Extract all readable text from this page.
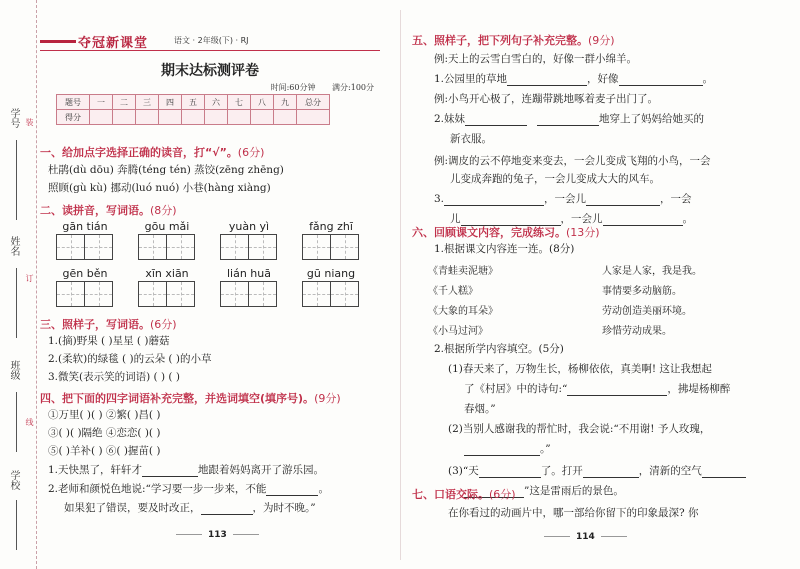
学号 装
姓名
订
班级
线
学校
夺冠新课堂	语文 · 2年级(下) · RJ
期末达标测评卷
时间:60分钟 满分:100分
题号	一	二	三	四	五	六	七	八	九	总分
得分										
一、给加点字选择正确的读音，打“√”。(6分)
杜鹃(dù dōu) 奔腾(téng tén) 蒸饺(zēng zhēng)
照顾(gù kù) 挪动(luó nuó) 小巷(hàng xiàng)
二、读拼音，写词语。(8分)
gān tián	gōu mǎi	yuàn yì	fǎng zhī
gēn běn	xīn xiān	lián huā	gū niang
三、照样子，写词语。(6分)
1.(摘)野果 ( )星星 ( )蘑菇
2.(柔软)的绿毯 ( )的云朵 ( )的小草
3.微笑(表示笑的词语) ( ) ( )
四、把下面的四字词语补充完整，并选词填空(填序号)。(9分)
①万里( )( ) ②繁( )昌( )
③( )( )隔绝 ④恋恋( )( )
⑤( )羊补( ) ⑥( )握苗( )
1.天快黑了，轩轩才	地跟着妈妈离开了游乐园。
2.老师和颜悦色地说:“学习要一步一步来，不能	。
如果犯了错误，要及时改正，	，为时不晚。”
113
五、照样子，把下列句子补充完整。(9分)
例:天上的云雪白雪白的，好像一群小绵羊。
1.公园里的草地	，好像	。
例:小鸟开心极了，连蹦带跳地啄着麦子出门了。
2.妹妹	地穿上了妈妈给她买的
新衣服。
例:调皮的云不停地变来变去，一会儿变成飞翔的小鸟，一会
儿变成奔跑的兔子，一会儿变成大大的风车。
3.	，一会儿	，一会
儿	，一会儿	。
六、回顾课文内容，完成练习。(13分)
1.根据课文内容连一连。(8分)
《青蛙卖泥塘》
《千人糕》
《大象的耳朵》
《小马过河》
人家是人家，我是我。
事情要多动脑筋。
劳动创造美丽环境。
珍惜劳动成果。
2.根据所学内容填空。(5分)
(1)春天来了，万物生长，杨柳依依，真美啊! 这让我想起
了《村居》中的诗句:“	，拂堤杨柳醉
春烟。”
(2)当别人感谢我的帮忙时，我会说:“不用谢! 予人玫瑰，
。”
(3)“天	了。打开	，清新的空气
”这是雷雨后的景色。
七、口语交际。(6分)
在你看过的动画片中，哪一部给你留下的印象最深? 你
114
